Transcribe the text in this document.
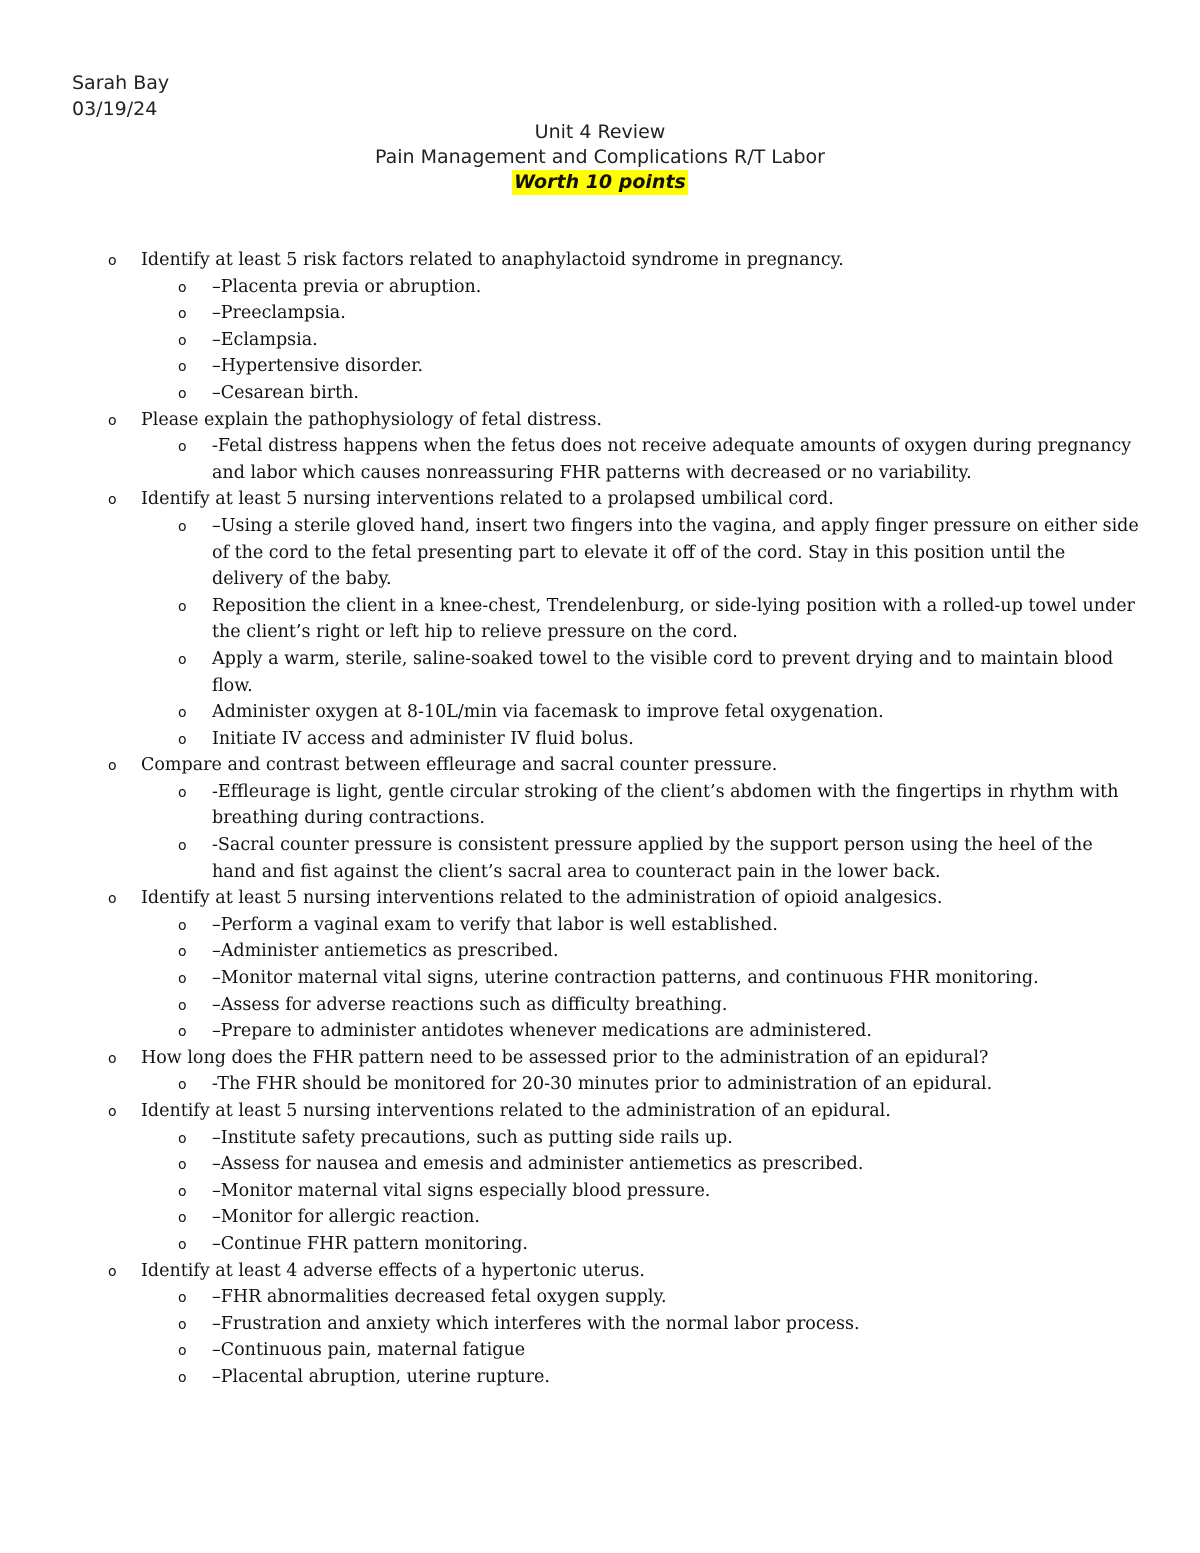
Sarah Bay
03/19/24
Unit 4 Review
Pain Management and Complications R/T Labor
Worth 10 points
o Identify at least 5 risk factors related to anaphylactoid syndrome in pregnancy.
o –Placenta previa or abruption.
o –Preeclampsia.
o –Eclampsia.
o –Hypertensive disorder.
o –Cesarean birth.
o Please explain the pathophysiology of fetal distress.
o -Fetal distress happens when the fetus does not receive adequate amounts of oxygen during pregnancy and labor which causes nonreassuring FHR patterns with decreased or no variability.
o Identify at least 5 nursing interventions related to a prolapsed umbilical cord.
o –Using a sterile gloved hand, insert two fingers into the vagina, and apply finger pressure on either side of the cord to the fetal presenting part to elevate it off of the cord. Stay in this position until the delivery of the baby.
o Reposition the client in a knee-chest, Trendelenburg, or side-lying position with a rolled-up towel under the client’s right or left hip to relieve pressure on the cord.
o Apply a warm, sterile, saline-soaked towel to the visible cord to prevent drying and to maintain blood flow.
o Administer oxygen at 8-10L/min via facemask to improve fetal oxygenation.
o Initiate IV access and administer IV fluid bolus.
o Compare and contrast between effleurage and sacral counter pressure.
o -Effleurage is light, gentle circular stroking of the client’s abdomen with the fingertips in rhythm with breathing during contractions.
o -Sacral counter pressure is consistent pressure applied by the support person using the heel of the hand and fist against the client’s sacral area to counteract pain in the lower back.
o Identify at least 5 nursing interventions related to the administration of opioid analgesics.
o –Perform a vaginal exam to verify that labor is well established.
o –Administer antiemetics as prescribed.
o –Monitor maternal vital signs, uterine contraction patterns, and continuous FHR monitoring.
o –Assess for adverse reactions such as difficulty breathing.
o –Prepare to administer antidotes whenever medications are administered.
o How long does the FHR pattern need to be assessed prior to the administration of an epidural?
o -The FHR should be monitored for 20-30 minutes prior to administration of an epidural.
o Identify at least 5 nursing interventions related to the administration of an epidural.
o –Institute safety precautions, such as putting side rails up.
o –Assess for nausea and emesis and administer antiemetics as prescribed.
o –Monitor maternal vital signs especially blood pressure.
o –Monitor for allergic reaction.
o –Continue FHR pattern monitoring.
o Identify at least 4 adverse effects of a hypertonic uterus.
o –FHR abnormalities decreased fetal oxygen supply.
o –Frustration and anxiety which interferes with the normal labor process.
o –Continuous pain, maternal fatigue
o –Placental abruption, uterine rupture.
